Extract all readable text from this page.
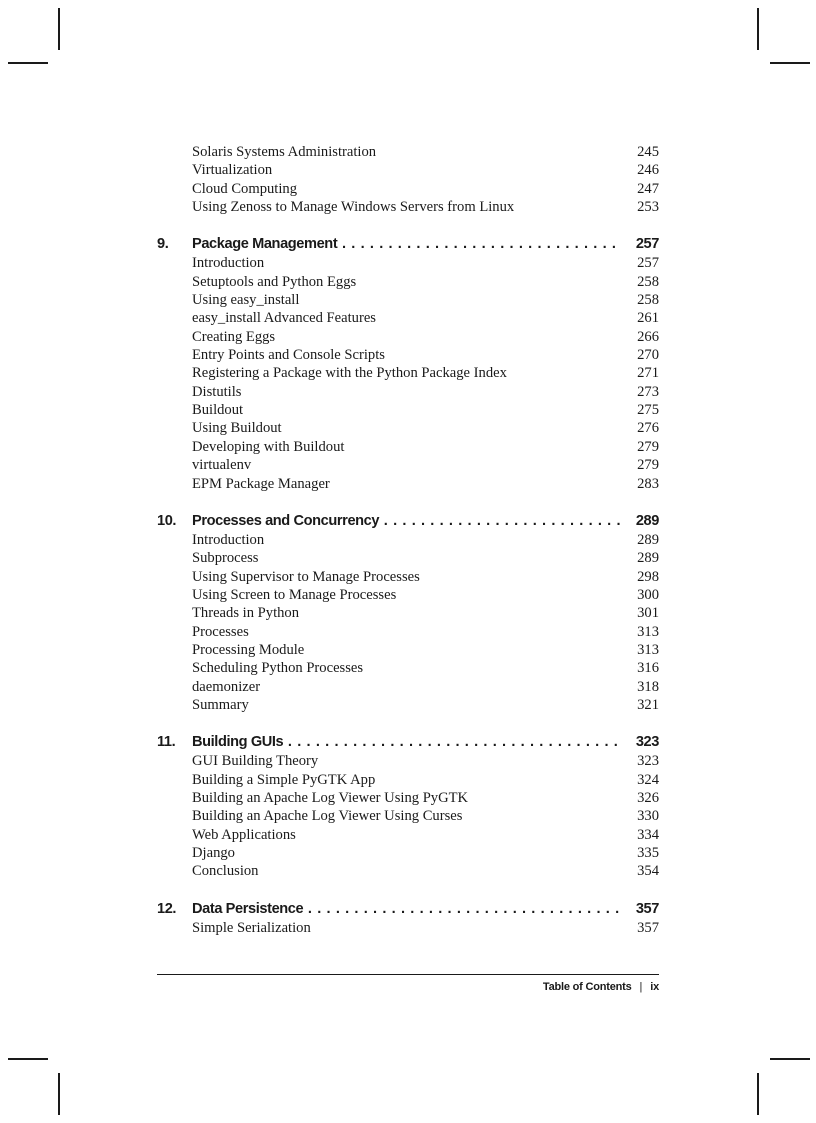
Solaris Systems Administration	245
Virtualization	246
Cloud Computing	247
Using Zenoss to Manage Windows Servers from Linux	253
9. Package Management . . .	257
Introduction	257
Setuptools and Python Eggs	258
Using easy_install	258
easy_install Advanced Features	261
Creating Eggs	266
Entry Points and Console Scripts	270
Registering a Package with the Python Package Index	271
Distutils	273
Buildout	275
Using Buildout	276
Developing with Buildout	279
virtualenv	279
EPM Package Manager	283
10. Processes and Concurrency . . .	289
Introduction	289
Subprocess	289
Using Supervisor to Manage Processes	298
Using Screen to Manage Processes	300
Threads in Python	301
Processes	313
Processing Module	313
Scheduling Python Processes	316
daemonizer	318
Summary	321
11. Building GUIs . . .	323
GUI Building Theory	323
Building a Simple PyGTK App	324
Building an Apache Log Viewer Using PyGTK	326
Building an Apache Log Viewer Using Curses	330
Web Applications	334
Django	335
Conclusion	354
12. Data Persistence . . .	357
Simple Serialization	357
Table of Contents | ix
